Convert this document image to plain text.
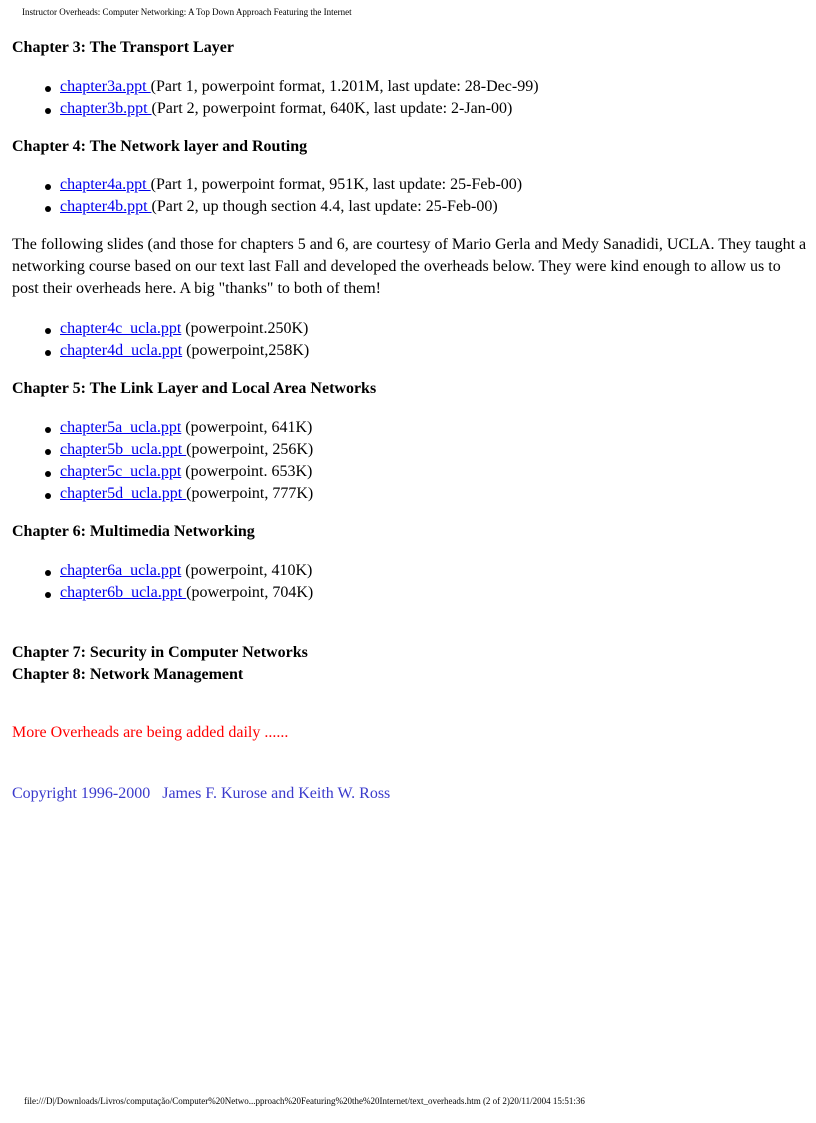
Instructor Overheads: Computer Networking: A Top Down Approach Featuring the Internet
Chapter 3: The Transport Layer
chapter3a.ppt (Part 1, powerpoint format, 1.201M, last update: 28-Dec-99)
chapter3b.ppt (Part 2, powerpoint format, 640K, last update: 2-Jan-00)
Chapter 4: The Network layer and Routing
chapter4a.ppt (Part 1, powerpoint format, 951K, last update: 25-Feb-00)
chapter4b.ppt (Part 2, up though section 4.4, last update: 25-Feb-00)

The following slides (and those for chapters 5 and 6, are courtesy of Mario Gerla and Medy Sanadidi, UCLA. They taught a networking course based on our text last Fall and developed the overheads below. They were kind enough to allow us to post their overheads here. A big "thanks" to both of them!

chapter4c_ucla.ppt (powerpoint.250K)
chapter4d_ucla.ppt (powerpoint,258K)
Chapter 5: The Link Layer and Local Area Networks
chapter5a_ucla.ppt (powerpoint, 641K)
chapter5b_ucla.ppt (powerpoint, 256K)
chapter5c_ucla.ppt (powerpoint. 653K)
chapter5d_ucla.ppt (powerpoint, 777K)
Chapter 6: Multimedia Networking
chapter6a_ucla.ppt (powerpoint, 410K)
chapter6b_ucla.ppt (powerpoint, 704K)
Chapter 7: Security in Computer Networks
Chapter 8: Network Management

More Overheads are being added daily ......

Copyright 1996-2000   James F. Kurose and Keith W. Ross

file:///D|/Downloads/Livros/computação/Computer%20Netwo...pproach%20Featuring%20the%20Internet/text_overheads.htm (2 of 2)20/11/2004 15:51:36
